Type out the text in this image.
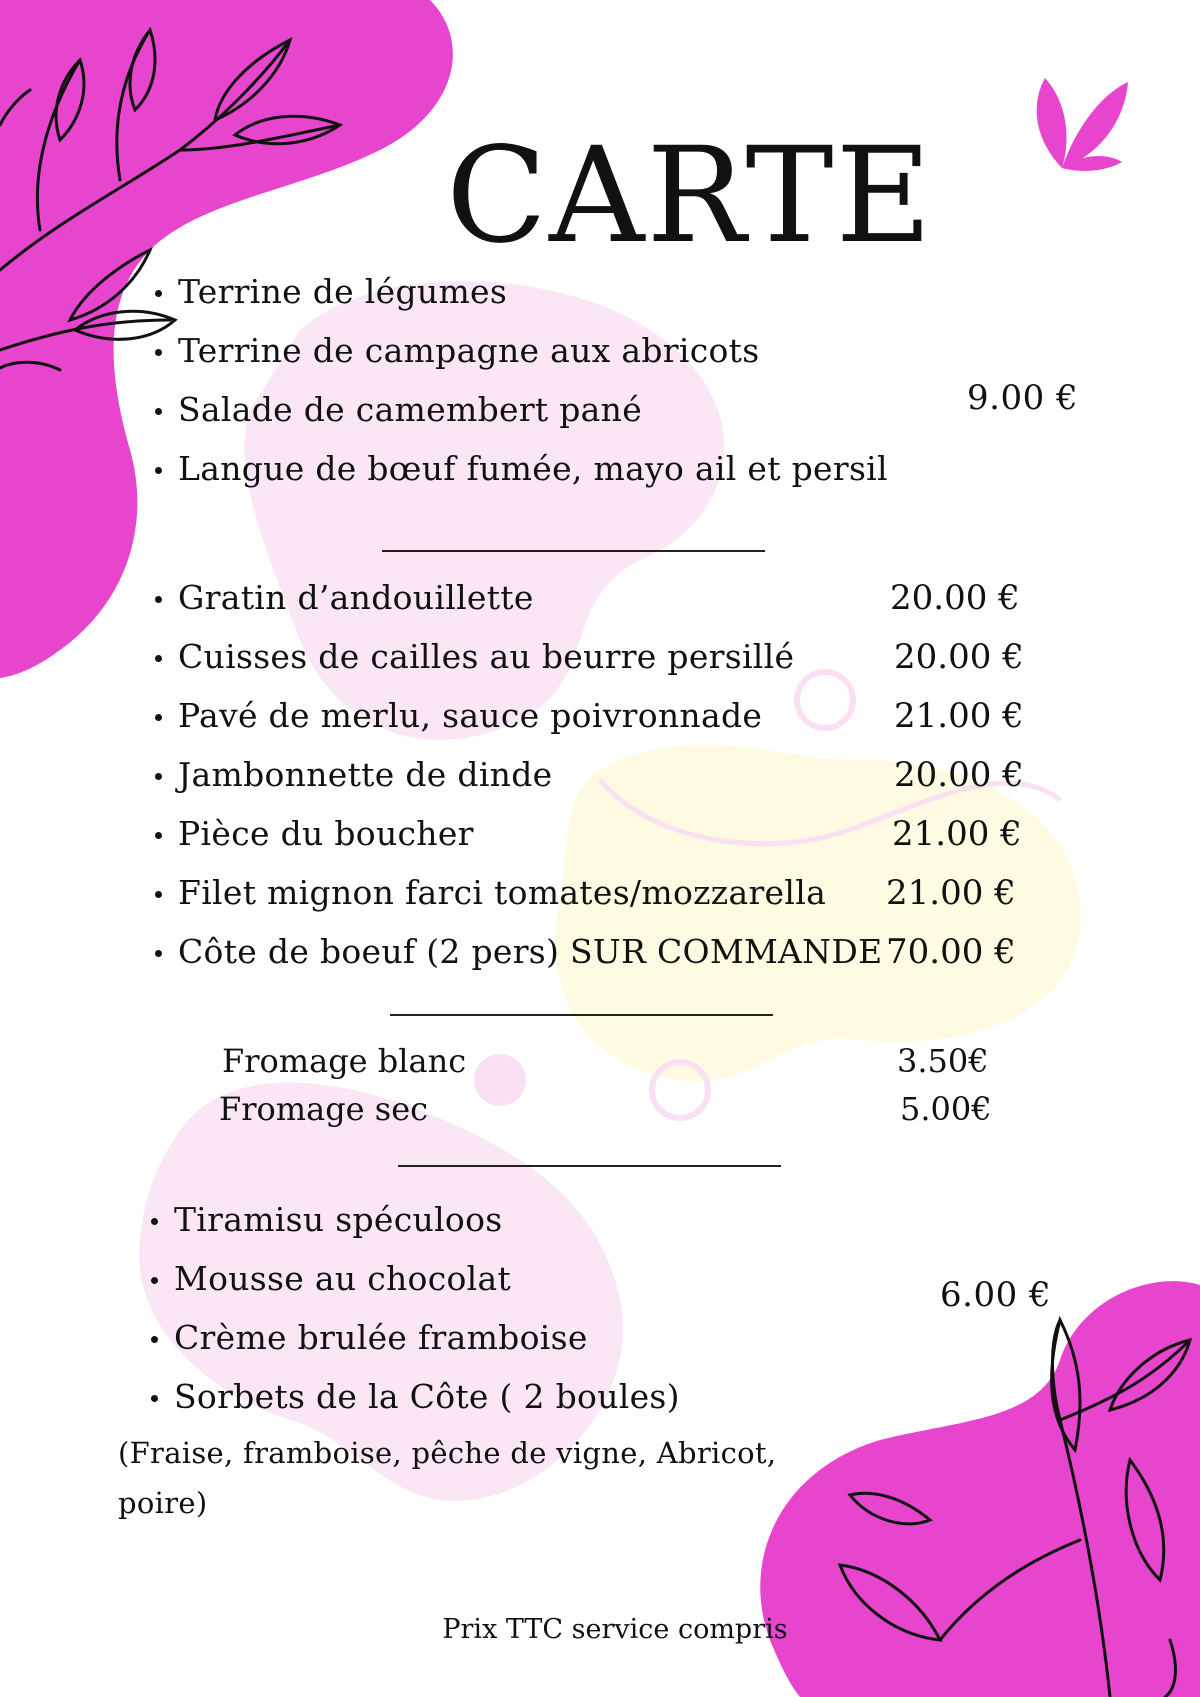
CARTE
Terrine de légumes
Terrine de campagne aux abricots
Salade de camembert pané
Langue de bœuf fumée, mayo ail et persil
9.00 €
Gratin d’andouillette
Cuisses de cailles au beurre persillé
Pavé de merlu, sauce poivronnade
Jambonnette de dinde
Pièce du boucher
Filet mignon farci tomates/mozzarella
Côte de boeuf (2 pers) SUR COMMANDE
20.00 €
20.00 €
21.00 €
20.00 €
21.00 €
21.00 €
70.00 €
Fromage blanc	3.50€
Fromage sec	5.00€
Tiramisu spéculoos
Mousse au chocolat
Crème brulée framboise
Sorbets de la Côte ( 2 boules)
6.00 €
(Fraise, framboise, pêche de vigne, Abricot, poire)
Prix TTC service compris
